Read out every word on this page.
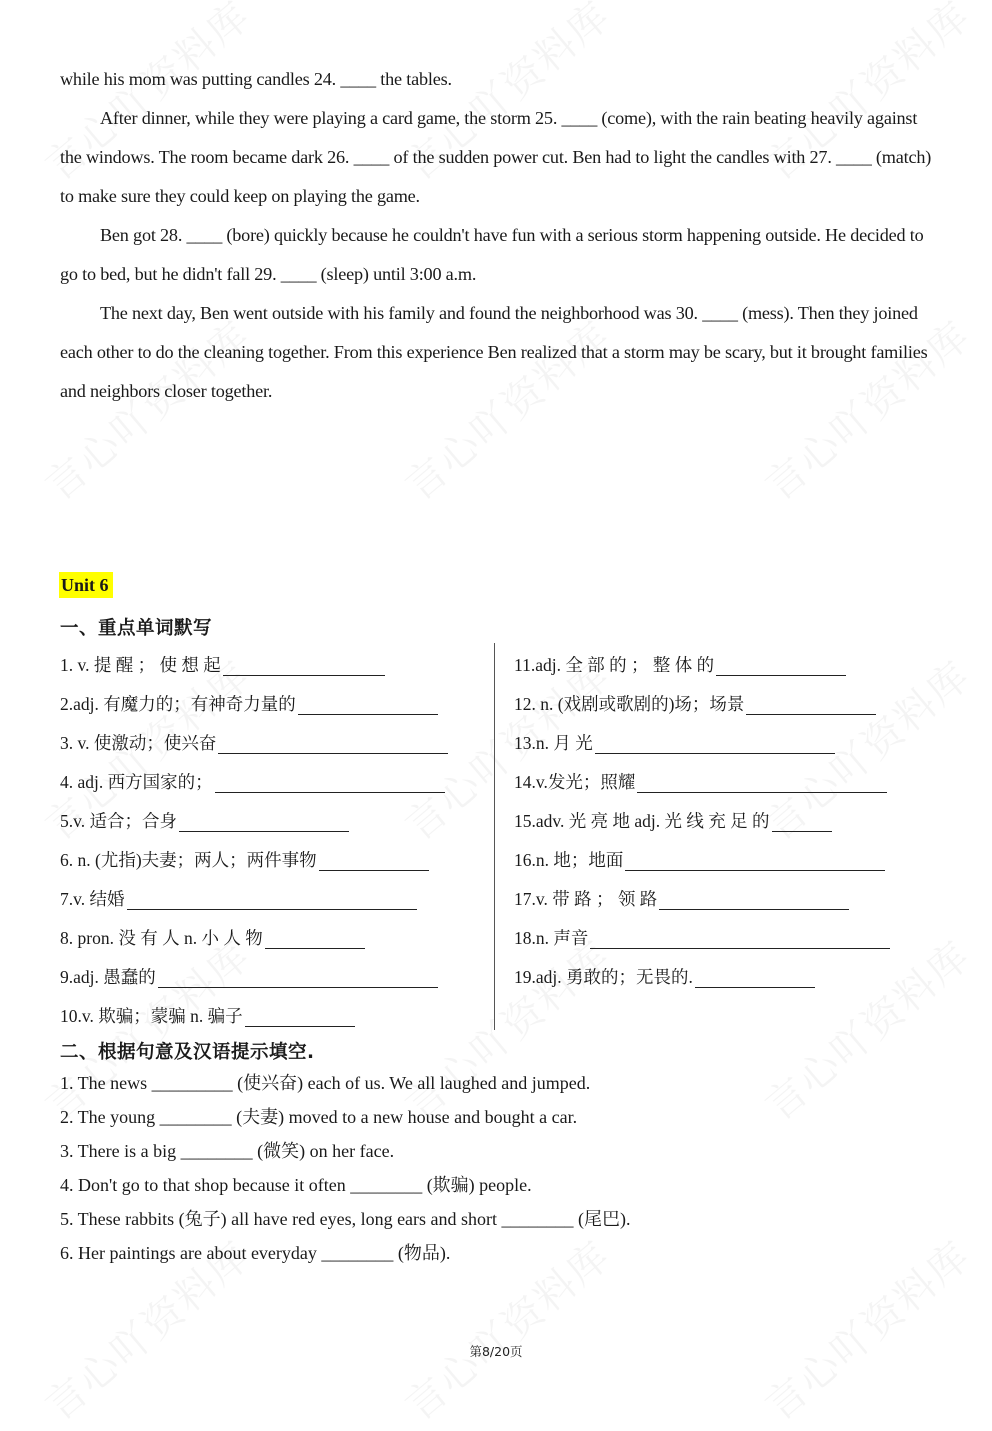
while his mom was putting candles 24. ____ the tables.

After dinner, while they were playing a card game, the storm 25. ____ (come), with the rain beating heavily against the windows. The room became dark 26. ____ of the sudden power cut. Ben had to light the candles with 27. ____ (match) to make sure they could keep on playing the game.

Ben got 28. ____ (bore) quickly because he couldn't have fun with a serious storm happening outside. He decided to go to bed, but he didn't fall 29. ____ (sleep) until 3:00 a.m.

The next day, Ben went outside with his family and found the neighborhood was 30. ____ (mess). Then they joined each other to do the cleaning together. From this experience Ben realized that a storm may be scary, but it brought families and neighbors closer together.

Unit 6
一、重点单词默写
1. v. 提 醒 ； 使 想 起
2.adj. 有魔力的；有神奇力量的
3. v. 使激动；使兴奋
4. adj. 西方国家的；
5.v. 适合；合身
6. n. (尤指)夫妻；两人；两件事物
7.v. 结婚
8. pron. 没 有 人 n. 小 人 物
9.adj. 愚蠢的
10.v. 欺骗；蒙骗 n. 骗子
11.adj. 全 部 的 ； 整 体 的
12. n. (戏剧或歌剧的)场；场景
13.n. 月 光
14.v.发光；照耀
15.adv. 光 亮 地 adj. 光 线 充 足 的
16.n. 地；地面
17.v. 带 路 ； 领 路
18.n. 声音
19.adj. 勇敢的；无畏的.
二、根据句意及汉语提示填空.
1. The news _________ (使兴奋) each of us. We all laughed and jumped.
2. The young ________ (夫妻) moved to a new house and bought a car.
3. There is a big ________ (微笑) on her face.
4. Don't go to that shop because it often ________ (欺骗) people.
5. These rabbits (兔子) all have red eyes, long ears and short ________ (尾巴).
6. Her paintings are about everyday ________ (物品).
第8/20页
